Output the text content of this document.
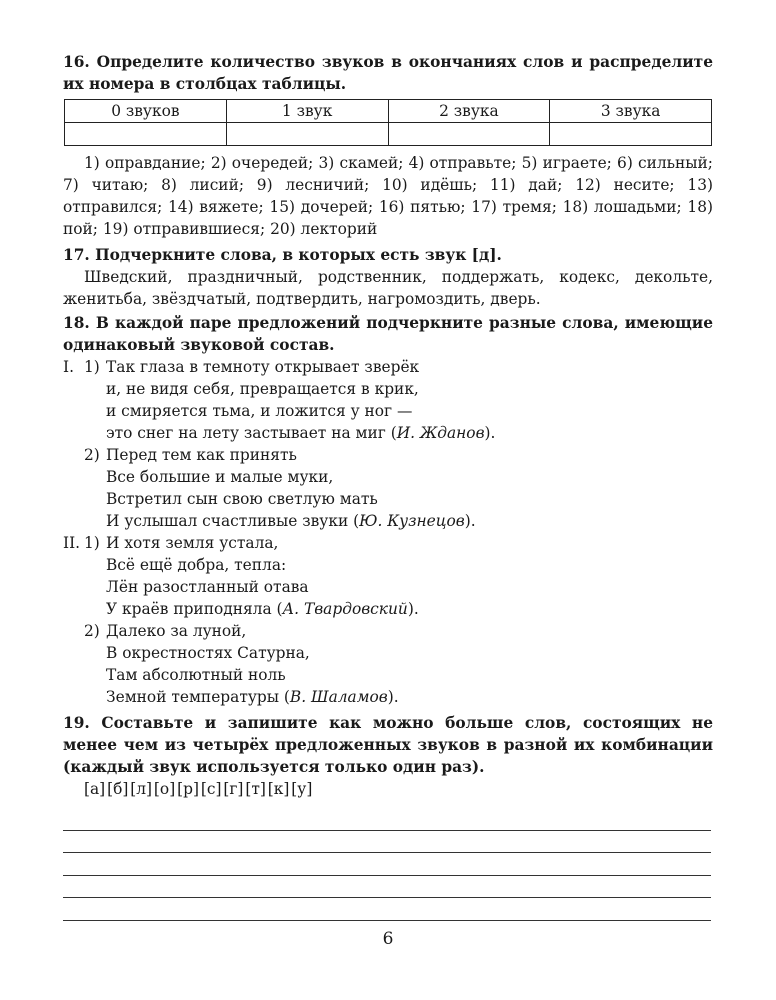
16. Определите количество звуков в окончаниях слов и распределите их номера в столбцах таблицы.

0 звуков	1 звук	2 звука	3 звука

1) оправдание; 2) очередей; 3) скамей; 4) отправьте; 5) играете; 6) сильный; 7) читаю; 8) лисий; 9) лесничий; 10) идёшь; 11) дай; 12) несите; 13) отправился; 14) вяжете; 15) дочерей; 16) пятью; 17) тремя; 18) лошадьми; 18) пой; 19) отправившиеся; 20) лекторий

17. Подчеркните слова, в которых есть звук [д].

Шведский, праздничный, родственник, поддержать, кодекс, декольте, женитьба, звёздчатый, подтвердить, нагромоздить, дверь.

18. В каждой паре предложений подчеркните разные слова, имеющие одинаковый звуковой состав.

I. 1) Так глаза в темноту открывает зверёк
и, не видя себя, превращается в крик,
и смиряется тьма, и ложится у ног —
это снег на лету застывает на миг (И. Жданов).
2) Перед тем как принять
Все большие и малые муки,
Встретил сын свою светлую мать
И услышал счастливые звуки (Ю. Кузнецов).
II. 1) И хотя земля устала,
Всё ещё добра, тепла:
Лён разостланный отава
У краёв приподняла (А. Твардовский).
2) Далеко за луной,
В окрестностях Сатурна,
Там абсолютный ноль
Земной температуры (В. Шаламов).

19. Составьте и запишите как можно больше слов, состоящих не менее чем из четырёх предложенных звуков в разной их комбинации (каждый звук используется только один раз).

[а] [б] [л] [о] [р] [с] [г] [т] [к] [у]

6
